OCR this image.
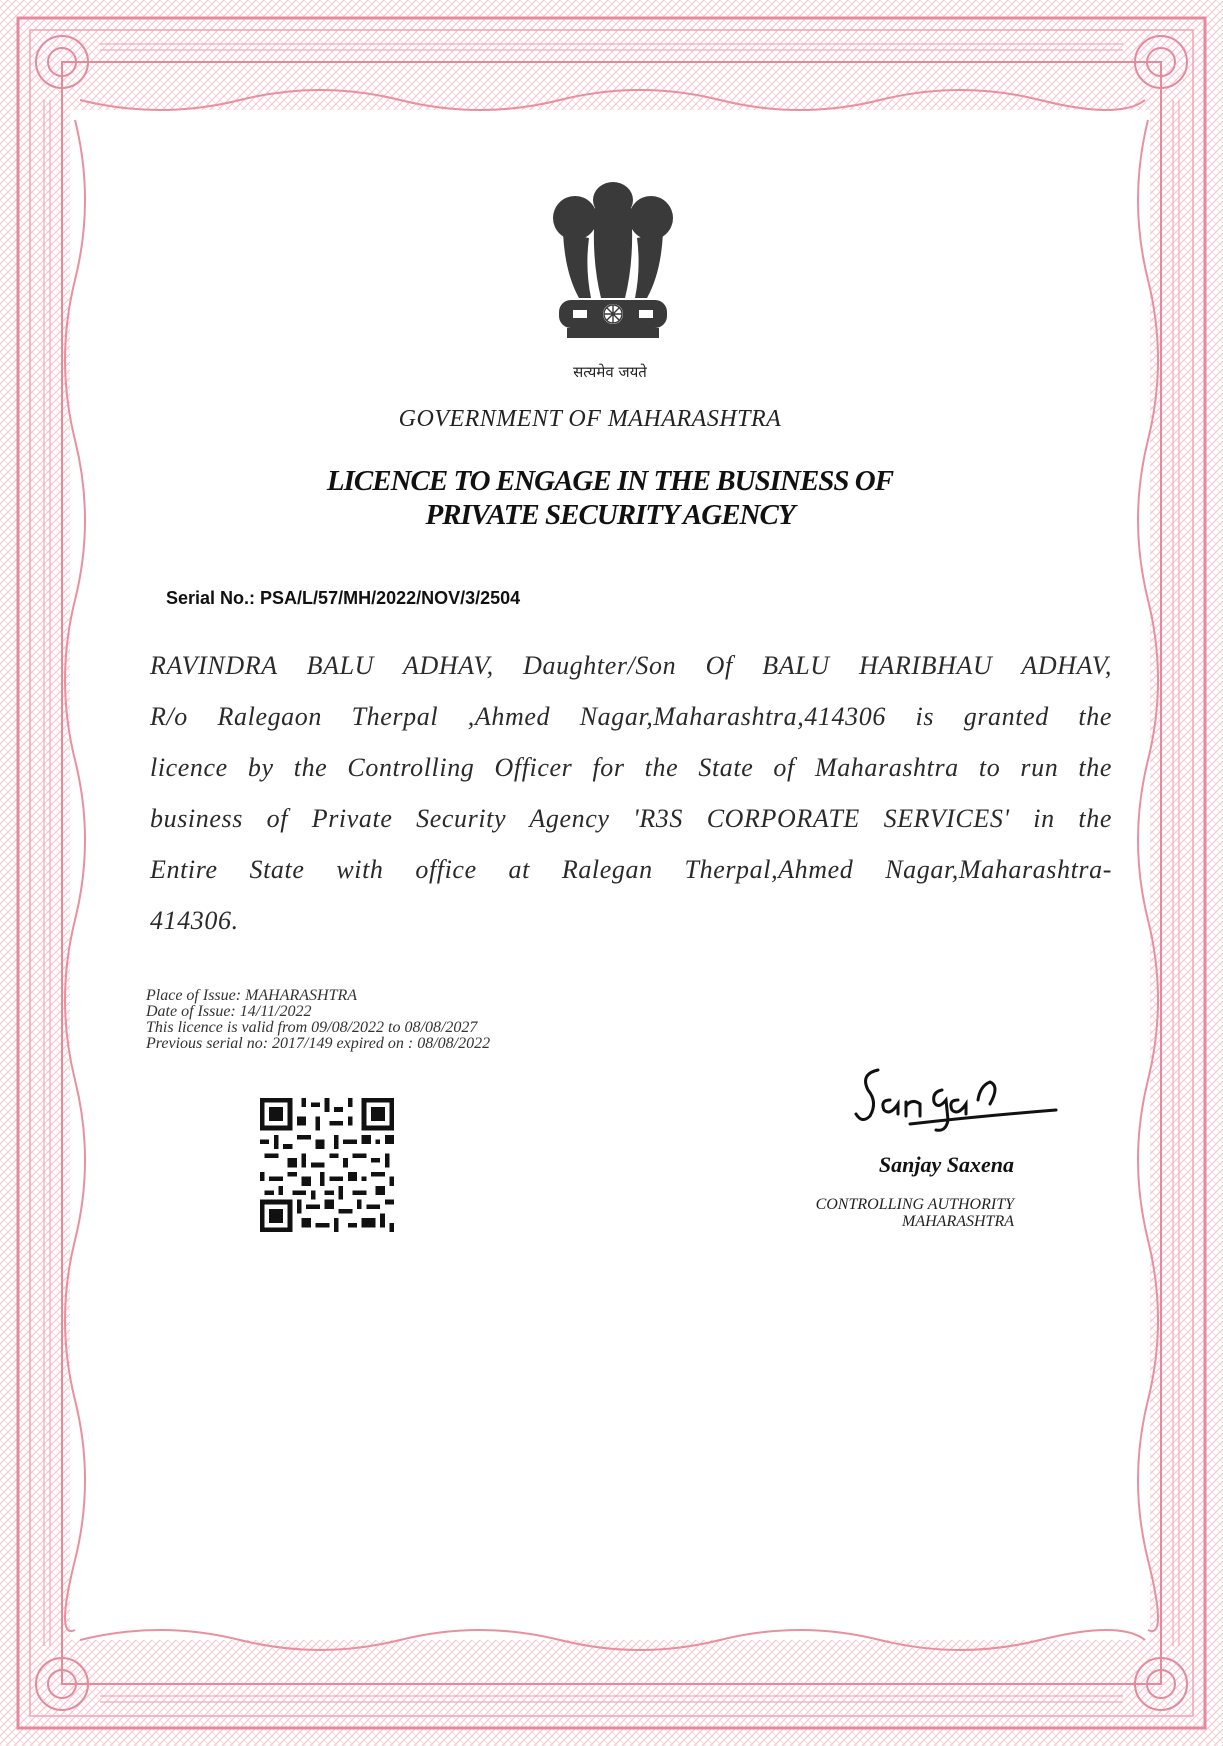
सत्यमेव जयते
GOVERNMENT OF MAHARASHTRA
LICENCE TO ENGAGE IN THE BUSINESS OF
PRIVATE SECURITY AGENCY
Serial No.: PSA/L/57/MH/2022/NOV/3/2504
RAVINDRA BALU ADHAV, Daughter/Son Of BALU HARIBHAU ADHAV,
R/o Ralegaon Therpal ,Ahmed Nagar,Maharashtra,414306 is granted the
licence by the Controlling Officer for the State of Maharashtra to run the
business of Private Security Agency 'R3S CORPORATE SERVICES' in the
Entire State with office at Ralegan Therpal,Ahmed Nagar,Maharashtra-
414306.
Place of Issue: MAHARASHTRA
Date of Issue: 14/11/2022
This licence is valid from 09/08/2022 to 08/08/2027
Previous serial no: 2017/149 expired on : 08/08/2022
Sanjay Saxena
CONTROLLING AUTHORITY
MAHARASHTRA
